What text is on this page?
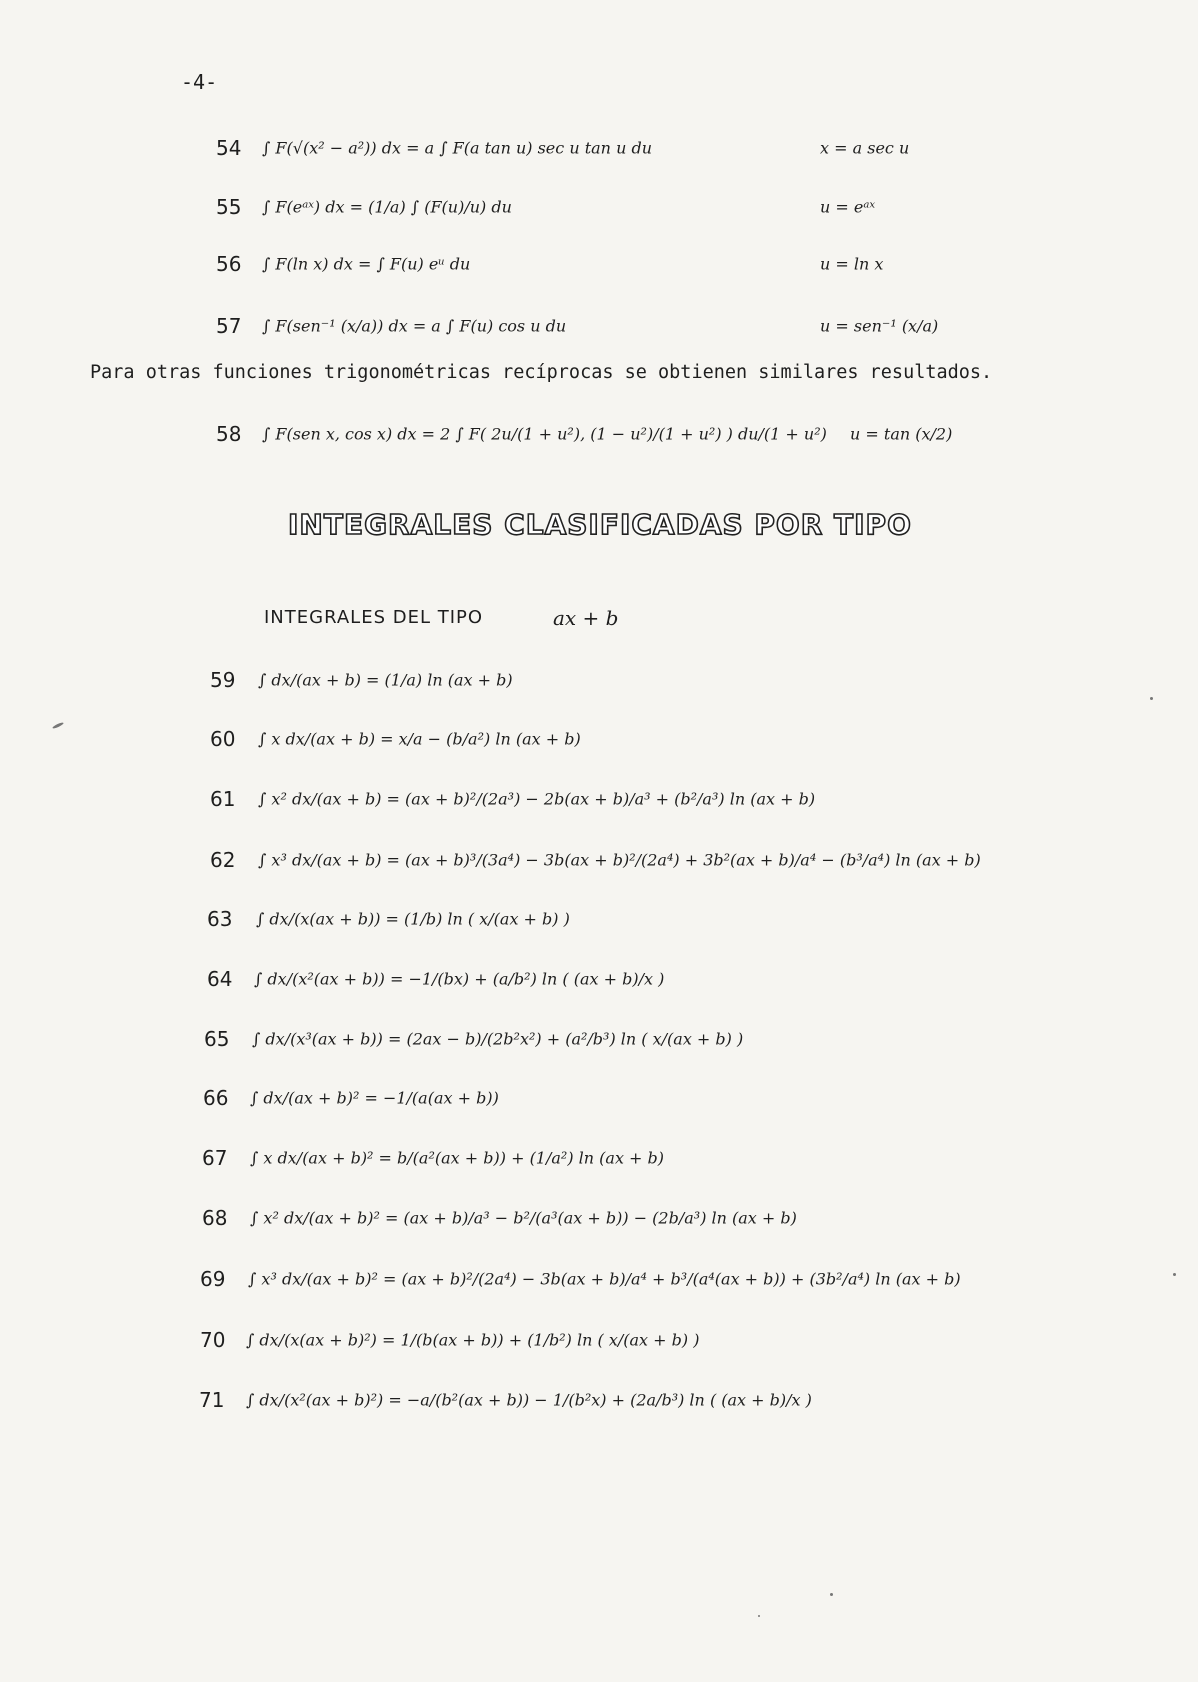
-4-
54 ∫ F(√(x² − a²)) dx = a ∫ F(a tan u) sec u tan u du	x = a sec u
55 ∫ F(eᵃˣ) dx = (1/a) ∫ (F(u)/u) du	u = eᵃˣ
56 ∫ F(ln x) dx = ∫ F(u) eᵘ du	u = ln x
57 ∫ F(sen⁻¹ (x/a)) dx = a ∫ F(u) cos u du	u = sen⁻¹ (x/a)
Para otras funciones trigonométricas recíprocas se obtienen similares resultados.
58 ∫ F(sen x, cos x) dx = 2 ∫ F( 2u/(1 + u²), (1 − u²)/(1 + u²) ) du/(1 + u²) u = tan (x/2)
INTEGRALES CLASIFICADAS POR TIPO
INTEGRALES DEL TIPO	ax + b
59 ∫ dx/(ax + b) = (1/a) ln (ax + b)
60 ∫ x dx/(ax + b) = x/a − (b/a²) ln (ax + b)
61 ∫ x² dx/(ax + b) = (ax + b)²/(2a³) − 2b(ax + b)/a³ + (b²/a³) ln (ax + b)
62 ∫ x³ dx/(ax + b) = (ax + b)³/(3a⁴) − 3b(ax + b)²/(2a⁴) + 3b²(ax + b)/a⁴ − (b³/a⁴) ln (ax + b)
63 ∫ dx/(x(ax + b)) = (1/b) ln ( x/(ax + b) )
64 ∫ dx/(x²(ax + b)) = −1/(bx) + (a/b²) ln ( (ax + b)/x )
65 ∫ dx/(x³(ax + b)) = (2ax − b)/(2b²x²) + (a²/b³) ln ( x/(ax + b) )
66 ∫ dx/(ax + b)² = −1/(a(ax + b))
67 ∫ x dx/(ax + b)² = b/(a²(ax + b)) + (1/a²) ln (ax + b)
68 ∫ x² dx/(ax + b)² = (ax + b)/a³ − b²/(a³(ax + b)) − (2b/a³) ln (ax + b)
69 ∫ x³ dx/(ax + b)² = (ax + b)²/(2a⁴) − 3b(ax + b)/a⁴ + b³/(a⁴(ax + b)) + (3b²/a⁴) ln (ax + b)
70 ∫ dx/(x(ax + b)²) = 1/(b(ax + b)) + (1/b²) ln ( x/(ax + b) )
71 ∫ dx/(x²(ax + b)²) = −a/(b²(ax + b)) − 1/(b²x) + (2a/b³) ln ( (ax + b)/x )
